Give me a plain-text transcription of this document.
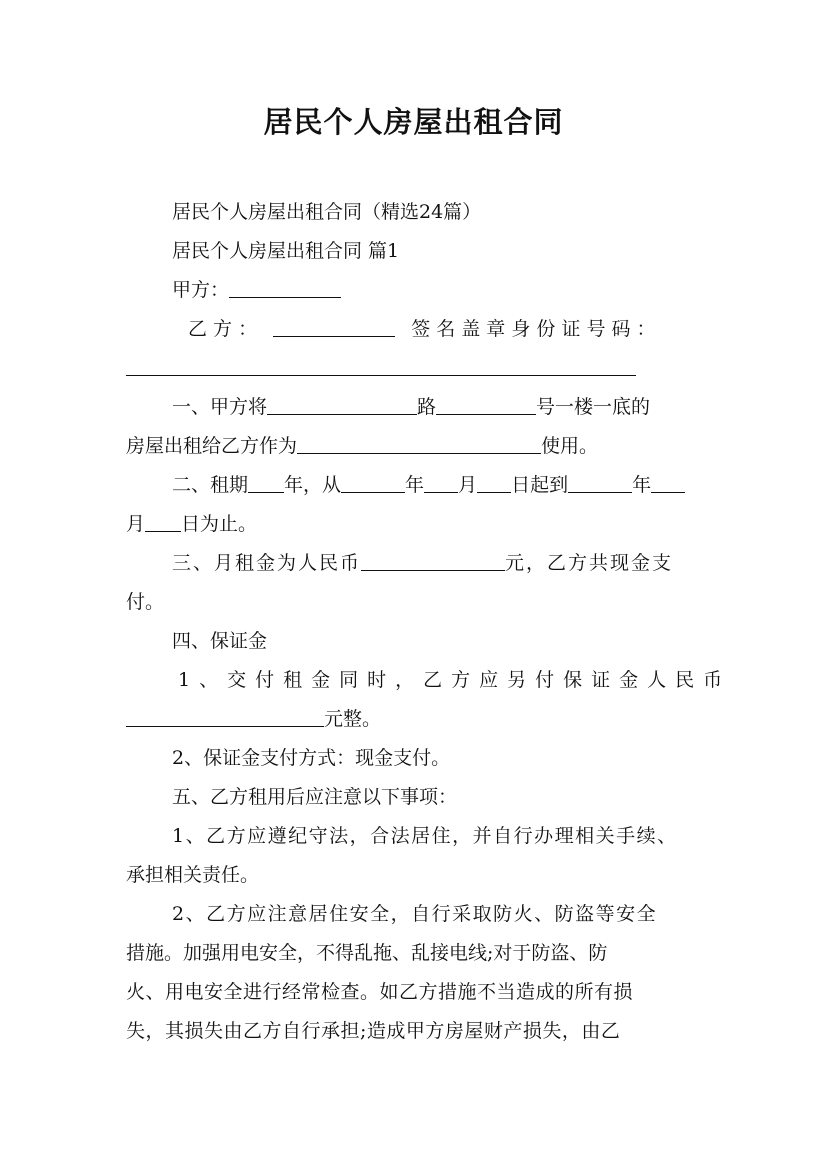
居民个人房屋出租合同
居民个人房屋出租合同（精选24篇）
居民个人房屋出租合同 篇1
甲方：
乙 方 ：	签 名 盖 章 身 份 证 号 码 ：
一、甲方将	路	号一楼一底的
房屋出租给乙方作为	使用。
二、租期 年，从	年 月 日起到	年
月 日为止。
三、月租金为人民币	元，乙方共现金支
付。
四、保证金
1、交付租金同时，乙方应另付保证金人民币
元整。
2、保证金支付方式：现金支付。
五、乙方租用后应注意以下事项：
1、乙方应遵纪守法，合法居住，并自行办理相关手续、
承担相关责任。
2、乙方应注意居住安全，自行采取防火、防盗等安全
措施。加强用电安全，不得乱拖、乱接电线;对于防盗、防
火、用电安全进行经常检查。如乙方措施不当造成的所有损
失，其损失由乙方自行承担;造成甲方房屋财产损失，由乙
